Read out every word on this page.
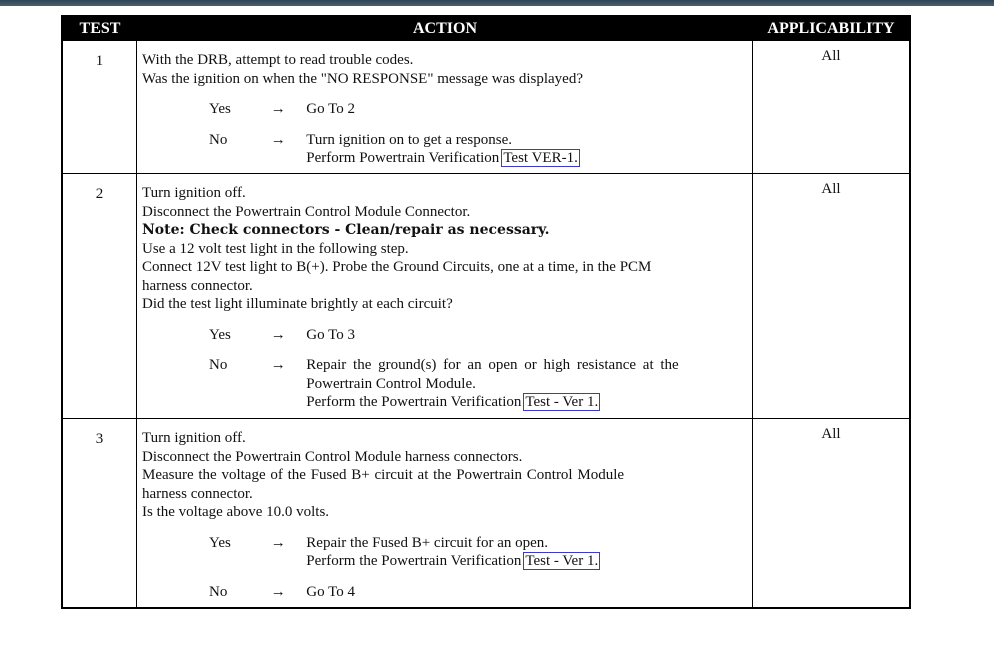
TEST	ACTION	APPLICABILITY
1	With the DRB, attempt to read trouble codes.
Was the ignition on when the "NO RESPONSE" message was displayed?
Yes	→	Go To 2
No	→	Turn ignition on to get a response.
Perform Powertrain Verification Test VER-1.
All
2	Turn ignition off.
Disconnect the Powertrain Control Module Connector.
Note: Check connectors - Clean/repair as necessary.
Use a 12 volt test light in the following step.
Connect 12V test light to B(+). Probe the Ground Circuits, one at a time, in the PCM
harness connector.
Did the test light illuminate brightly at each circuit?
Yes	→	Go To 3
No	→	Repair the ground(s) for an open or high resistance at the
Powertrain Control Module.
Perform the Powertrain Verification Test - Ver 1.
All
3	Turn ignition off.
Disconnect the Powertrain Control Module harness connectors.
Measure the voltage of the Fused B+ circuit at the Powertrain Control Module
harness connector.
Is the voltage above 10.0 volts.
Yes	→	Repair the Fused B+ circuit for an open.
Perform the Powertrain Verification Test - Ver 1.
No	→	Go To 4
All
